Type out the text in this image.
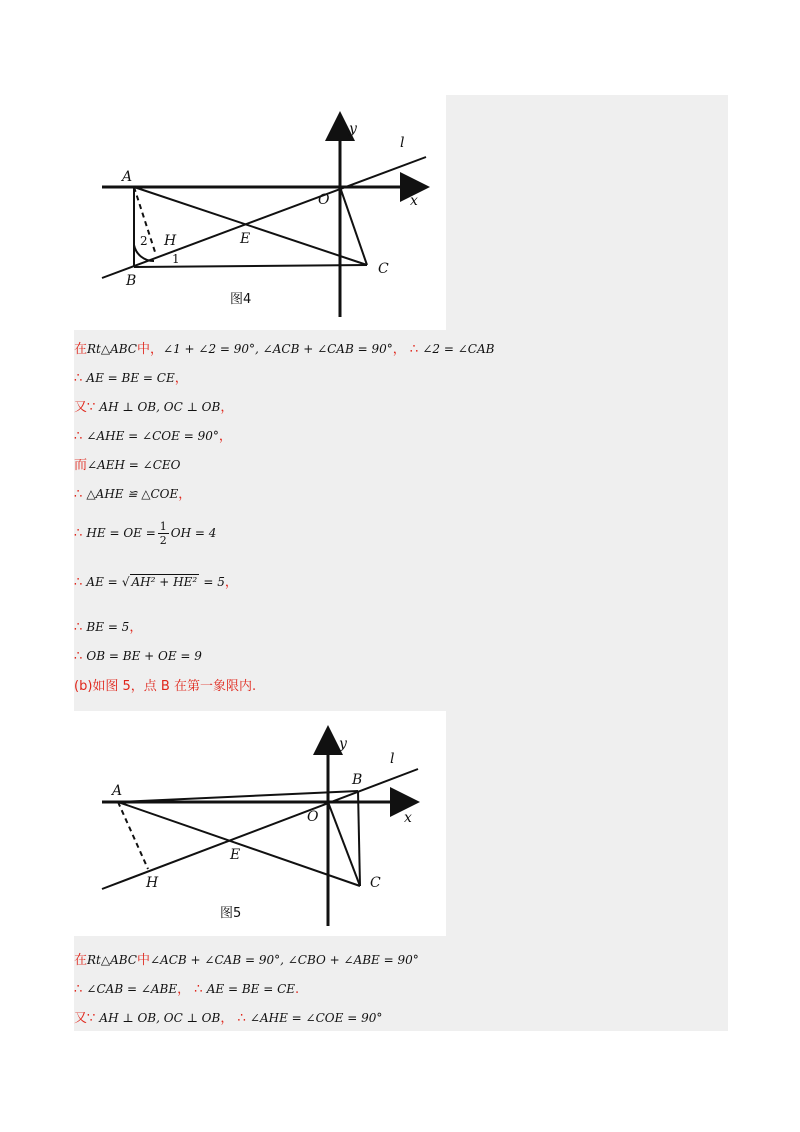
A
B
C
E
H
O	x
y
l
1
2
图4
在Rt△ABC中，∠1 + ∠2 = 90°, ∠ACB + ∠CAB = 90°， ∴ ∠2 = ∠CAB
∴ AE = BE = CE，
又∵ AH ⊥ OB, OC ⊥ OB，
∴ ∠AHE = ∠COE = 90°，
而∠AEH = ∠CEO
∴ △AHE ≌ △COE，
∴ HE = OE = $\frac{1}{2}$ OH = 4
∴ AE = √ AH² + HE² = 5，
∴ BE = 5，
∴ OB = BE + OE = 9
(b)如图 5，点 B 在第一象限内.
A
B
C
E
H
O	x
y
l
图5
在Rt△ABC中∠ACB + ∠CAB = 90°, ∠CBO + ∠ABE = 90°
∴ ∠CAB = ∠ABE， ∴ AE = BE = CE.
又∵ AH ⊥ OB, OC ⊥ OB， ∴ ∠AHE = ∠COE = 90°
